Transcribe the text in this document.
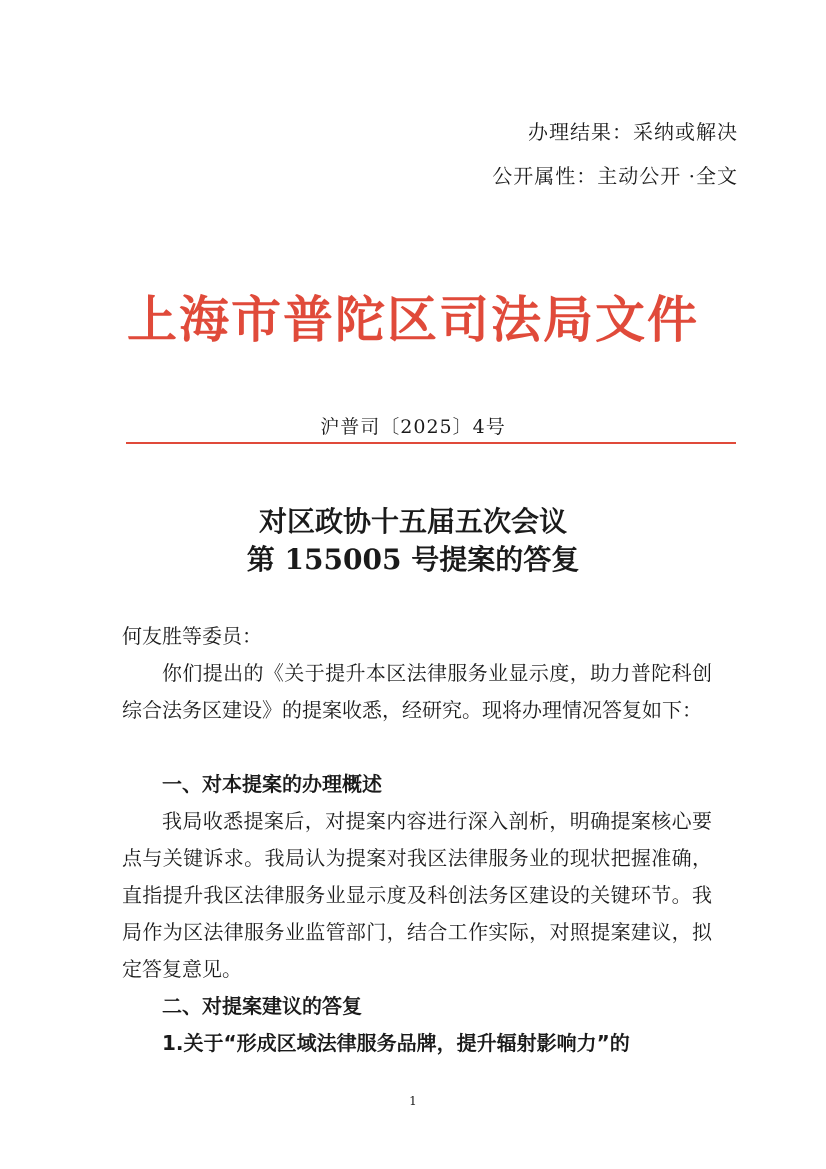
办理结果：采纳或解决
公开属性：主动公开 ·全文
上海市普陀区司法局文件
沪普司〔2025〕4号
对区政协十五届五次会议
第 155005 号提案的答复
何友胜等委员：
你们提出的《关于提升本区法律服务业显示度，助力普陀科创综合法务区建设》的提案收悉，经研究。现将办理情况答复如下：
一、对本提案的办理概述
我局收悉提案后，对提案内容进行深入剖析，明确提案核心要点与关键诉求。我局认为提案对我区法律服务业的现状把握准确，直指提升我区法律服务业显示度及科创法务区建设的关键环节。我局作为区法律服务业监管部门，结合工作实际，对照提案建议，拟定答复意见。
二、对提案建议的答复
1.关于“形成区域法律服务品牌，提升辐射影响力”的
1
